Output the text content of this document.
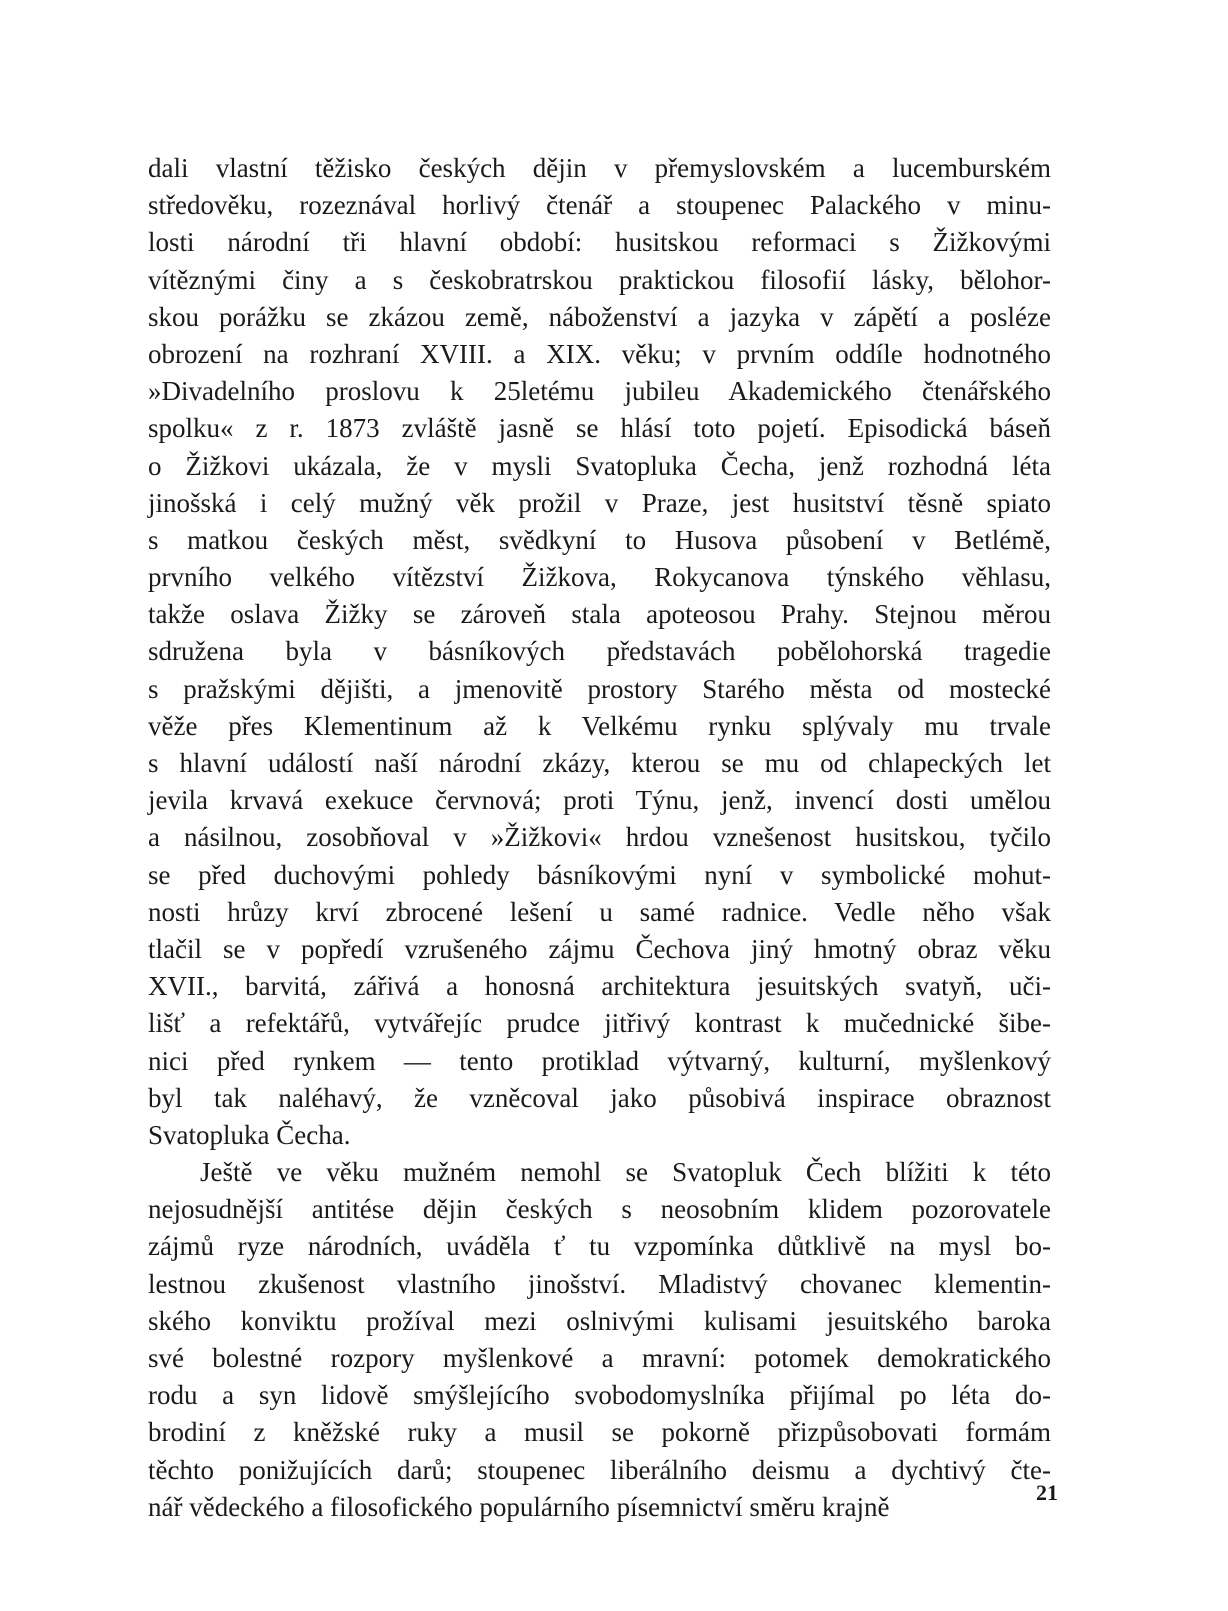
dali vlastní těžisko českých dějin v přemyslovském a lucemburském
středověku, rozeznával horlivý čtenář a stoupenec Palackého v minu-
losti národní tři hlavní období: husitskou reformaci s Žižkovými
vítěznými činy a s českobratrskou praktickou filosofií lásky, bělohor-
skou porážku se zkázou země, náboženství a jazyka v zápětí a posléze
obrození na rozhraní XVIII. a XIX. věku; v prvním oddíle hodnotného
»Divadelního proslovu k 25letému jubileu Akademického čtenářského
spolku« z r. 1873 zvláště jasně se hlásí toto pojetí. Episodická báseň
o Žižkovi ukázala, že v mysli Svatopluka Čecha, jenž rozhodná léta
jinošská i celý mužný věk prožil v Praze, jest husitství těsně spiato
s matkou českých měst, svědkyní to Husova působení v Betlémě,
prvního velkého vítězství Žižkova, Rokycanova týnského věhlasu,
takže oslava Žižky se zároveň stala apoteosou Prahy. Stejnou měrou
sdružena byla v básníkových představách pobělohorská tragedie
s pražskými dějišti, a jmenovitě prostory Starého města od mostecké
věže přes Klementinum až k Velkému rynku splývaly mu trvale
s hlavní událostí naší národní zkázy, kterou se mu od chlapeckých let
jevila krvavá exekuce červnová; proti Týnu, jenž, invencí dosti umělou
a násilnou, zosobňoval v »Žižkovi« hrdou vznešenost husitskou, tyčilo
se před duchovými pohledy básníkovými nyní v symbolické mohut-
nosti hrůzy krví zbrocené lešení u samé radnice. Vedle něho však
tlačil se v popředí vzrušeného zájmu Čechova jiný hmotný obraz věku
XVII., barvitá, zářivá a honosná architektura jesuitských svatyň, uči-
lišť a refektářů, vytvářejíc prudce jitřivý kontrast k mučednické šibe-
nici před rynkem — tento protiklad výtvarný, kulturní, myšlenkový
byl tak naléhavý, že vzněcoval jako působivá inspirace obraznost
Svatopluka Čecha.
Ještě ve věku mužném nemohl se Svatopluk Čech blížiti k této
nejosudnější antitése dějin českých s neosobním klidem pozorovatele
zájmů ryze národních, uváděla ť tu vzpomínka důtklivě na mysl bo-
lestnou zkušenost vlastního jinošství. Mladistvý chovanec klementin-
ského konviktu prožíval mezi oslnivými kulisami jesuitského baroka
své bolestné rozpory myšlenkové a mravní: potomek demokratického
rodu a syn lidově smýšlejícího svobodomyslníka přijímal po léta do-
brodiní z kněžské ruky a musil se pokorně přizpůsobovati formám
těchto ponižujících darů; stoupenec liberálního deismu a dychtivý čte-
nář vědeckého a filosofického populárního písemnictví směru krajně	21
